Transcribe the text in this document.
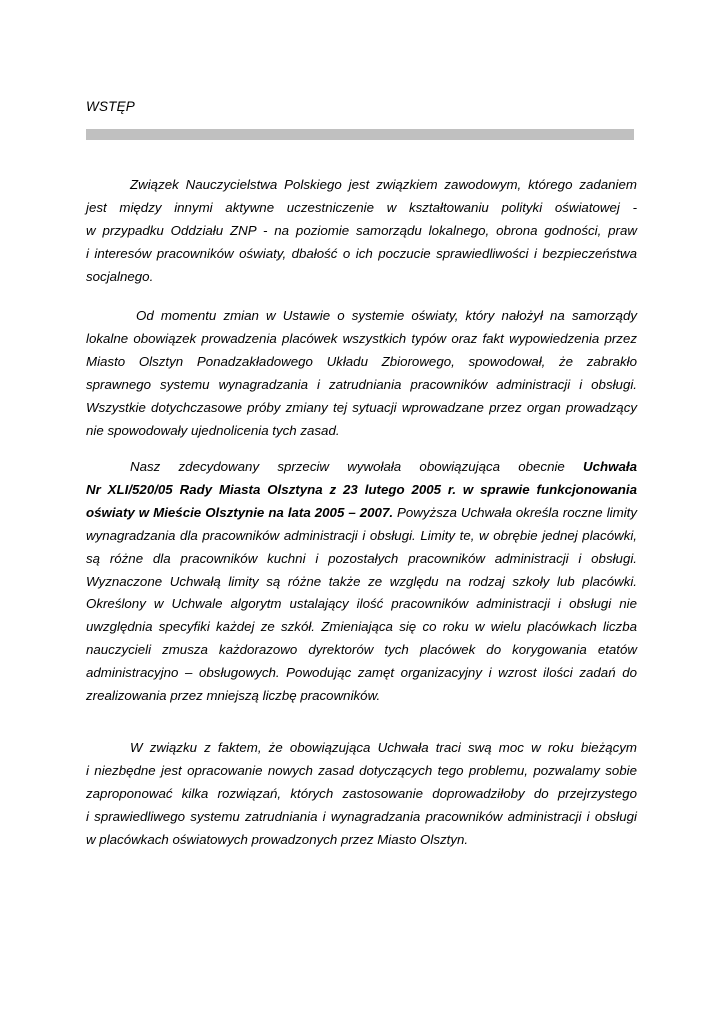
WSTĘP
Związek Nauczycielstwa Polskiego jest związkiem zawodowym, którego zadaniem
jest między innymi aktywne uczestniczenie w kształtowaniu polityki oświatowej -
w przypadku Oddziału ZNP - na poziomie samorządu lokalnego, obrona godności, praw
i interesów pracowników oświaty, dbałość o ich poczucie sprawiedliwości i bezpieczeństwa
socjalnego.
Od momentu zmian w Ustawie o systemie oświaty, który nałożył na samorządy
lokalne obowiązek prowadzenia placówek wszystkich typów oraz fakt wypowiedzenia przez
Miasto Olsztyn Ponadzakładowego Układu Zbiorowego, spowodował, że zabrakło
sprawnego systemu wynagradzania i zatrudniania pracowników administracji i obsługi.
Wszystkie dotychczasowe próby zmiany tej sytuacji wprowadzane przez organ prowadzący
nie spowodowały ujednolicenia tych zasad.
Nasz zdecydowany sprzeciw wywołała obowiązująca obecnie Uchwała
Nr XLI/520/05 Rady Miasta Olsztyna z 23 lutego 2005 r. w sprawie funkcjonowania
oświaty w Mieście Olsztynie na lata 2005 – 2007. Powyższa Uchwała określa roczne limity
wynagradzania dla pracowników administracji i obsługi. Limity te, w obrębie jednej placówki,
są różne dla pracowników kuchni i pozostałych pracowników administracji i obsługi.
Wyznaczone Uchwałą limity są różne także ze względu na rodzaj szkoły lub placówki.
Określony w Uchwale algorytm ustalający ilość pracowników administracji i obsługi nie
uwzględnia specyfiki każdej ze szkół. Zmieniająca się co roku w wielu placówkach liczba
nauczycieli zmusza każdorazowo dyrektorów tych placówek do korygowania etatów
administracyjno – obsługowych. Powodując zamęt organizacyjny i wzrost ilości zadań do
zrealizowania przez mniejszą liczbę pracowników.
W związku z faktem, że obowiązująca Uchwała traci swą moc w roku bieżącym
i niezbędne jest opracowanie nowych zasad dotyczących tego problemu, pozwalamy sobie
zaproponować kilka rozwiązań, których zastosowanie doprowadziłoby do przejrzystego
i sprawiedliwego systemu zatrudniania i wynagradzania pracowników administracji i obsługi
w placówkach oświatowych prowadzonych przez Miasto Olsztyn.
